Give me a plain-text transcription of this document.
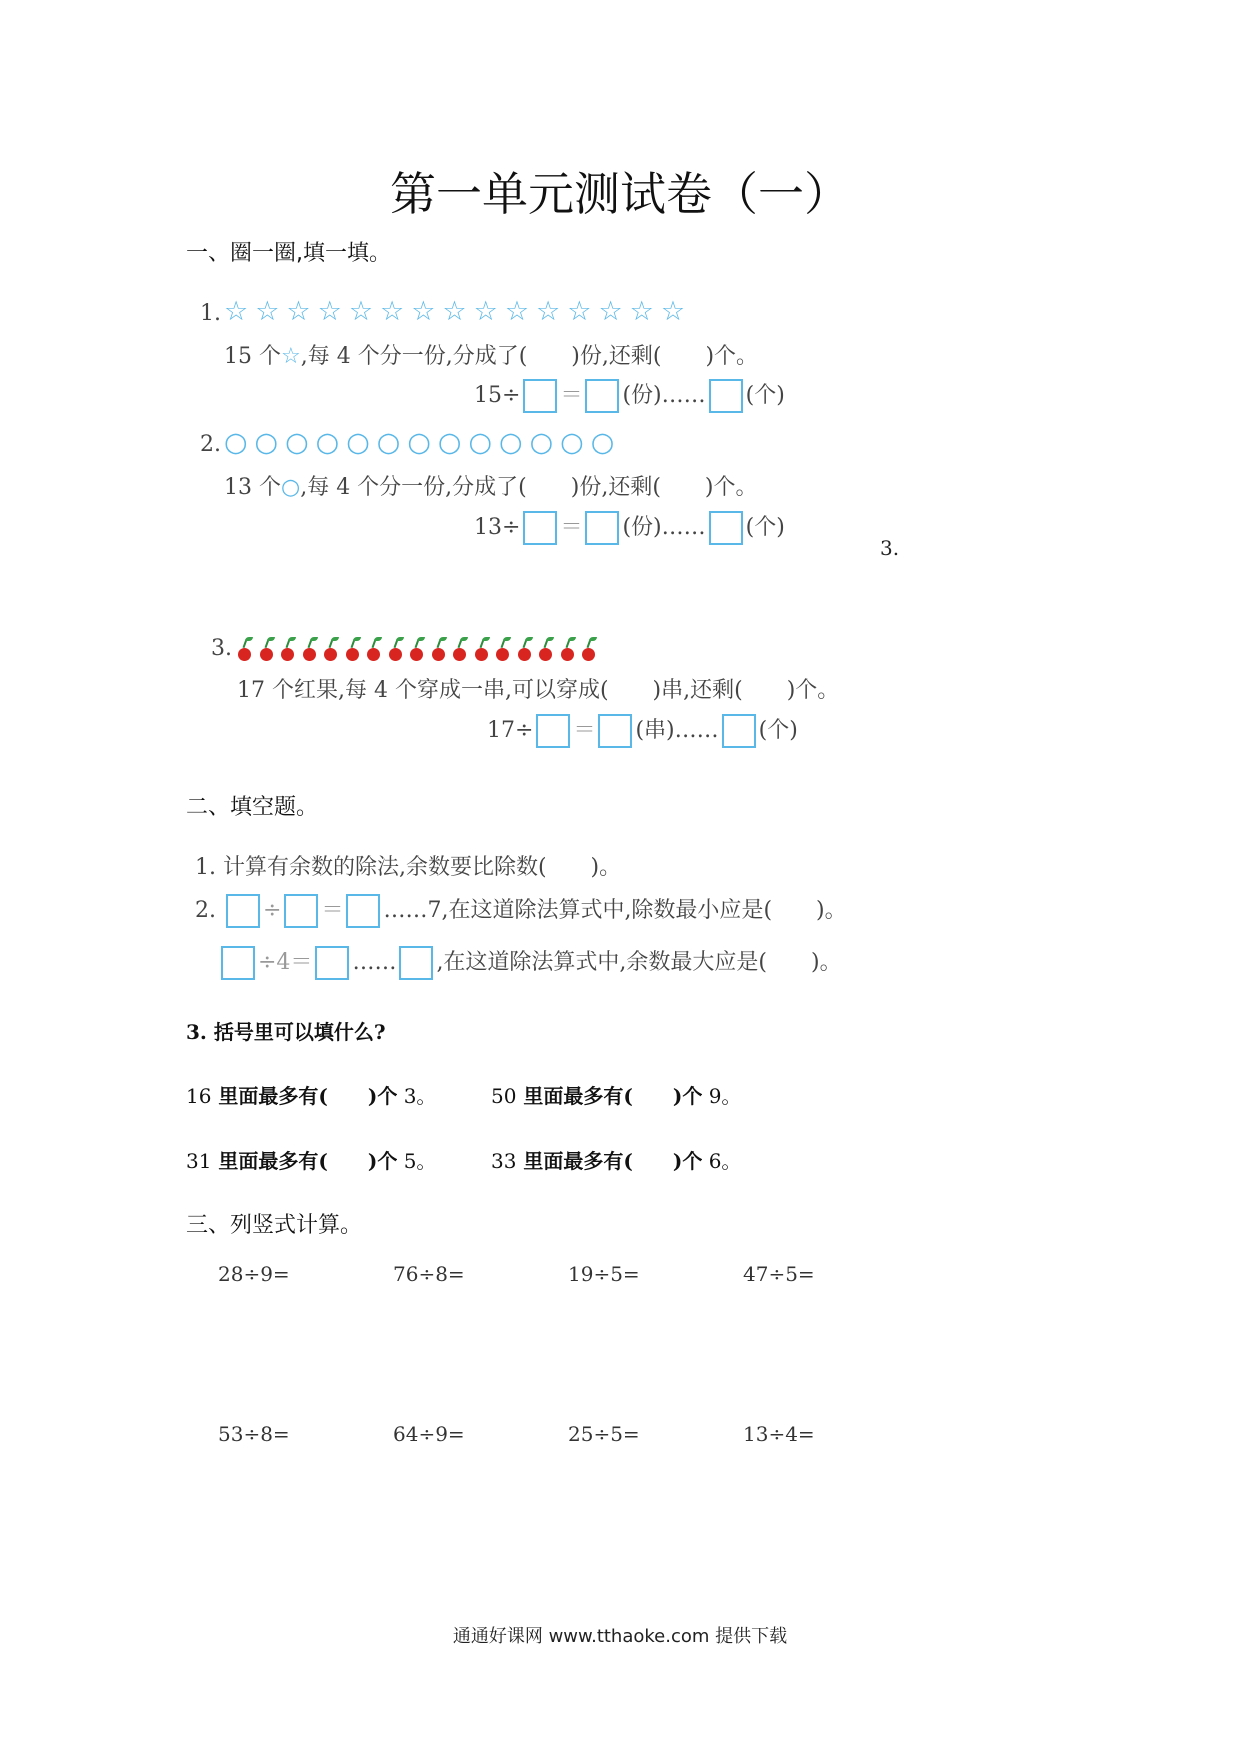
第一单元测试卷（一）
一、圈一圈,填一填。
1. ☆☆☆☆☆☆☆☆☆☆☆☆☆☆☆
15 个☆,每 4 个分一份,分成了(　　)份,还剩(　　)个。
15÷ ＝ (份)…… (个)
2. ○○○○○○○○○○○○○
13 个○,每 4 个分一份,分成了(　　)份,还剩(　　)个。
13÷ ＝ (份)…… (个)
3.
3.
17 个红果,每 4 个穿成一串,可以穿成(　　)串,还剩(　　)个。
17÷ ＝ (串)…… (个)
二、填空题。
1. 计算有余数的除法,余数要比除数(　　)。
2. ÷ ＝ ……7,在这道除法算式中,除数最小应是(　　)。
÷4＝ …… ,在这道除法算式中,余数最大应是(　　)。
3. 括号里可以填什么?
16 里面最多有(　　)个 3。	50 里面最多有(　　)个 9。
31 里面最多有(　　)个 5。	33 里面最多有(　　)个 6。
三、列竖式计算。
28÷9=	76÷8=	19÷5=	47÷5=
53÷8=	64÷9=	25÷5=	13÷4=
通通好课网 www.tthaoke.com 提供下载
